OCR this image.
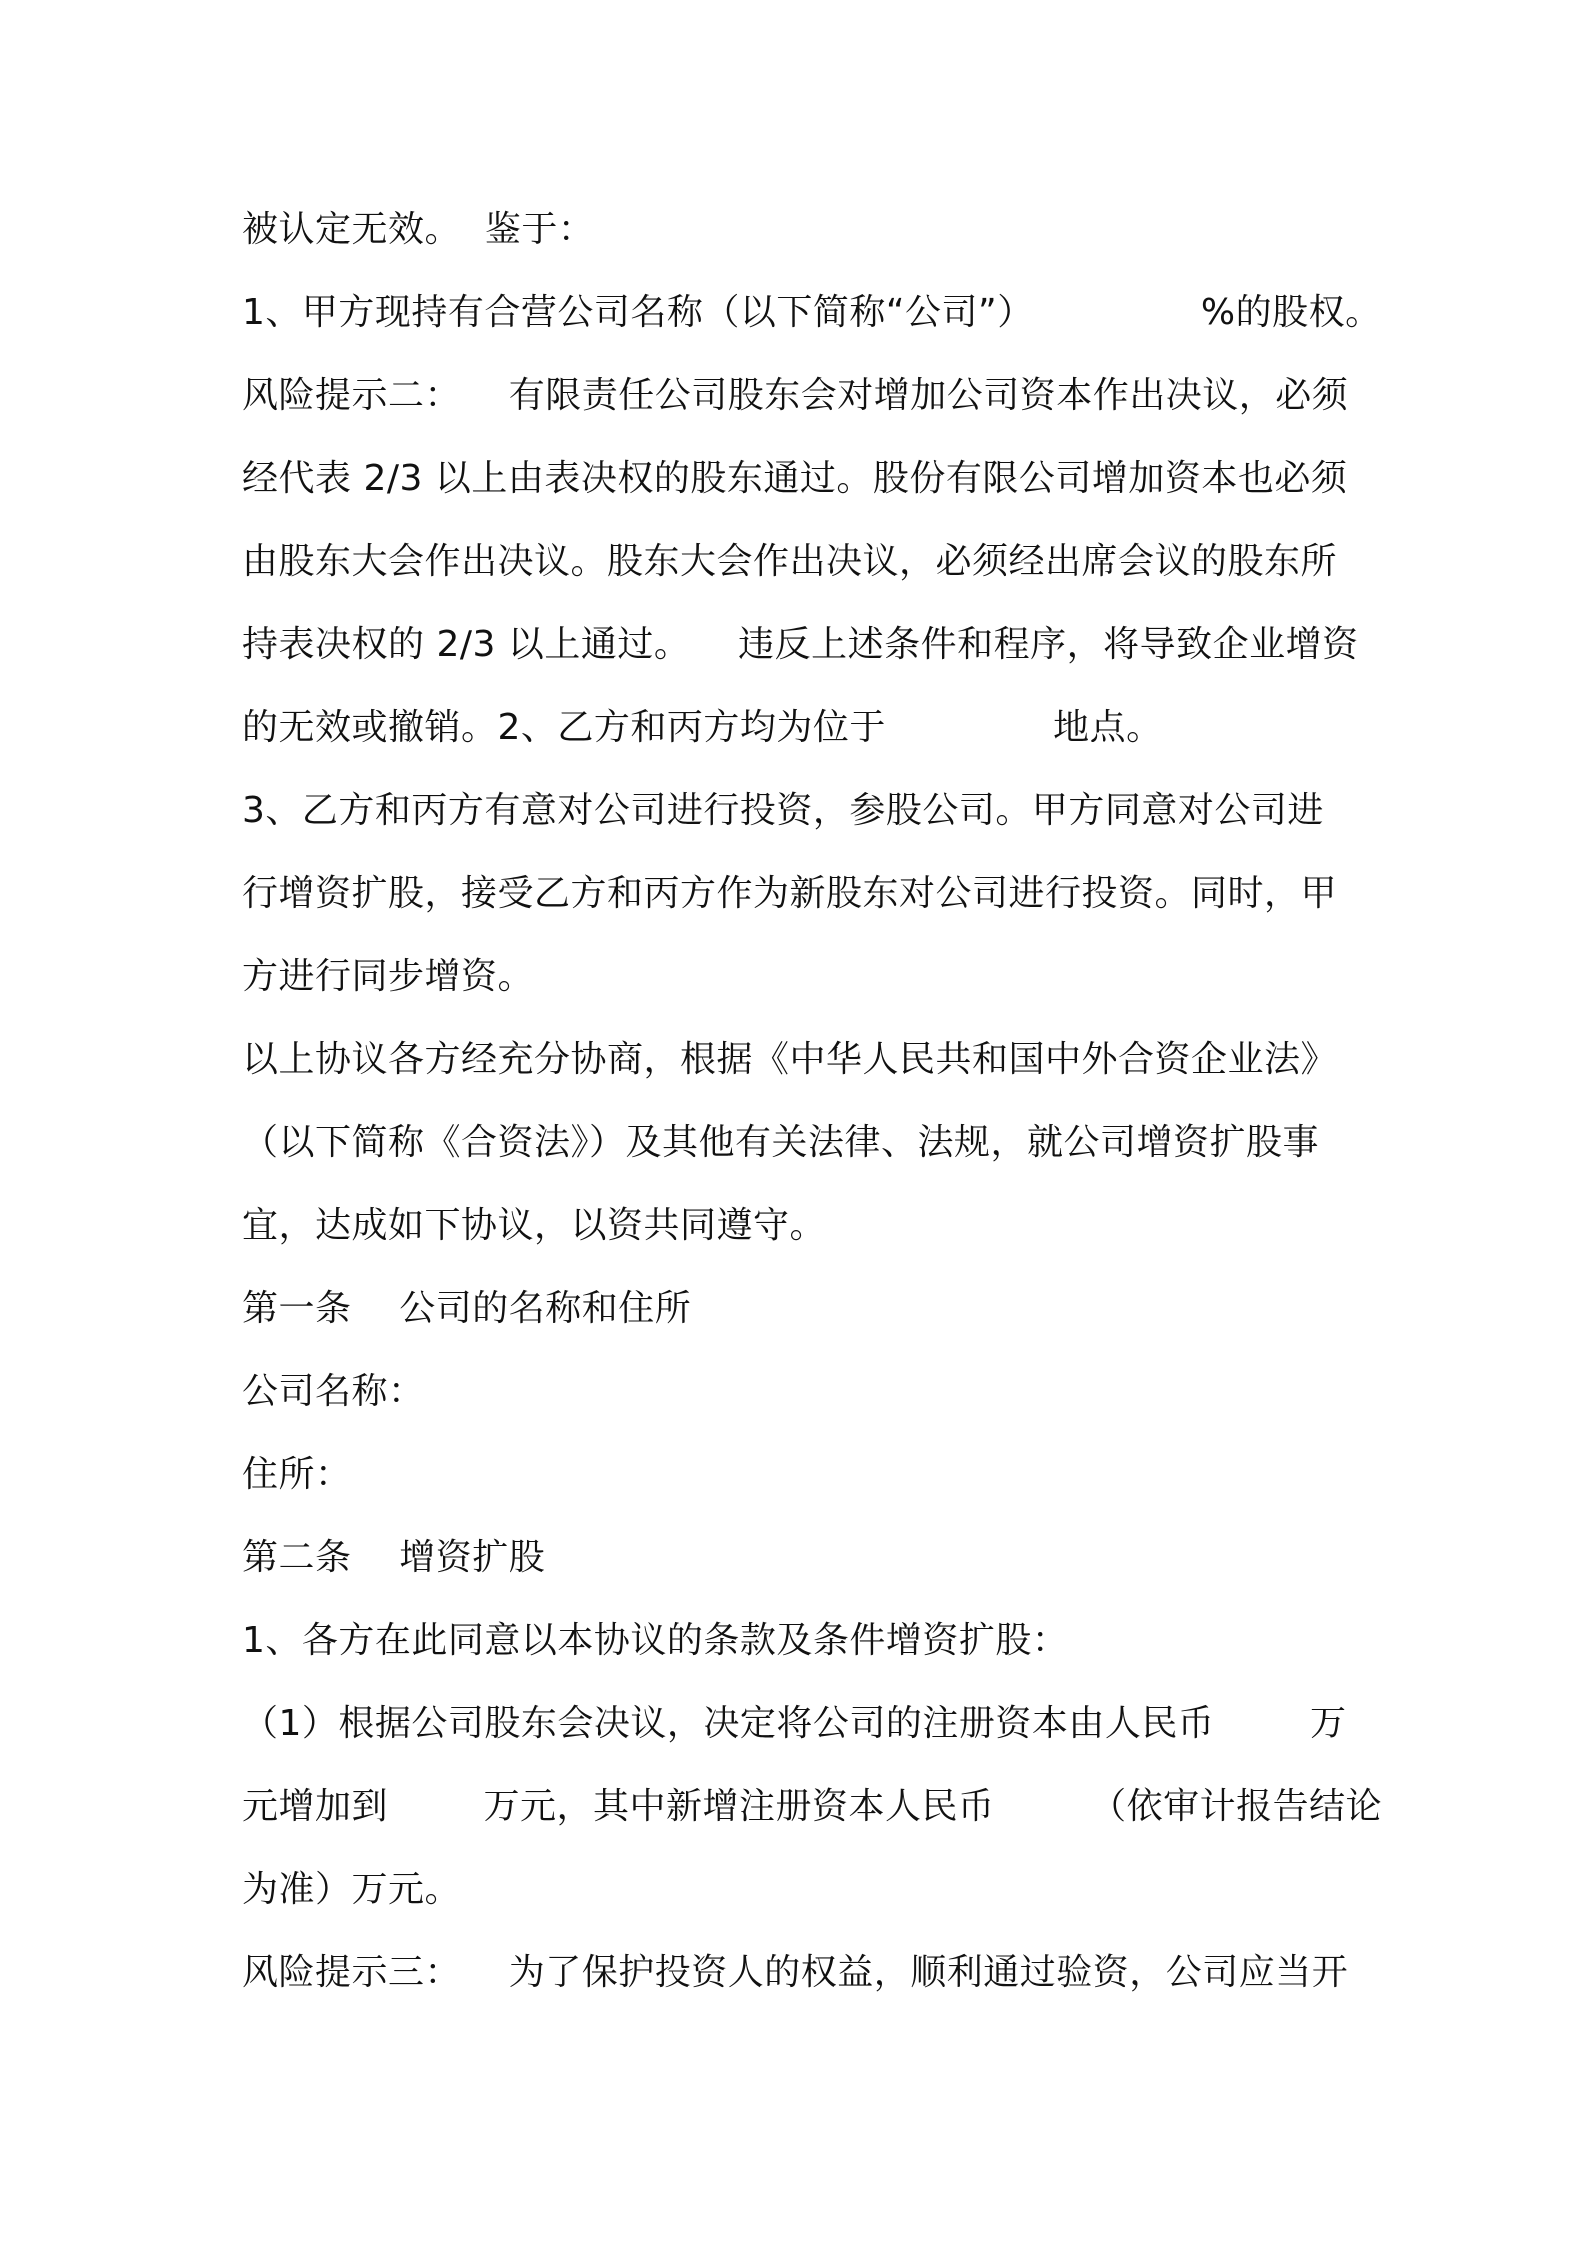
被认定无效。  鉴于：
1、甲方现持有合营公司名称（以下简称“公司”）              %的股权。
风险提示二：    有限责任公司股东会对增加公司资本作出决议，必须
经代表 2/3 以上由表决权的股东通过。股份有限公司增加资本也必须
由股东大会作出决议。股东大会作出决议，必须经出席会议的股东所
持表决权的 2/3 以上通过。    违反上述条件和程序，将导致企业增资
的无效或撤销。2、乙方和丙方均为位于              地点。
3、乙方和丙方有意对公司进行投资，参股公司。甲方同意对公司进
行增资扩股，接受乙方和丙方作为新股东对公司进行投资。同时，甲
方进行同步增资。
以上协议各方经充分协商，根据《中华人民共和国中外合资企业法》
（以下简称《合资法》）及其他有关法律、法规，就公司增资扩股事
宜，达成如下协议，以资共同遵守。
第一条    公司的名称和住所
公司名称：
住所：
第二条    增资扩股
1、各方在此同意以本协议的条款及条件增资扩股：
（1）根据公司股东会决议，决定将公司的注册资本由人民币        万
元增加到        万元，其中新增注册资本人民币        （依审计报告结论
为准）万元。
风险提示三：    为了保护投资人的权益，顺利通过验资，公司应当开
